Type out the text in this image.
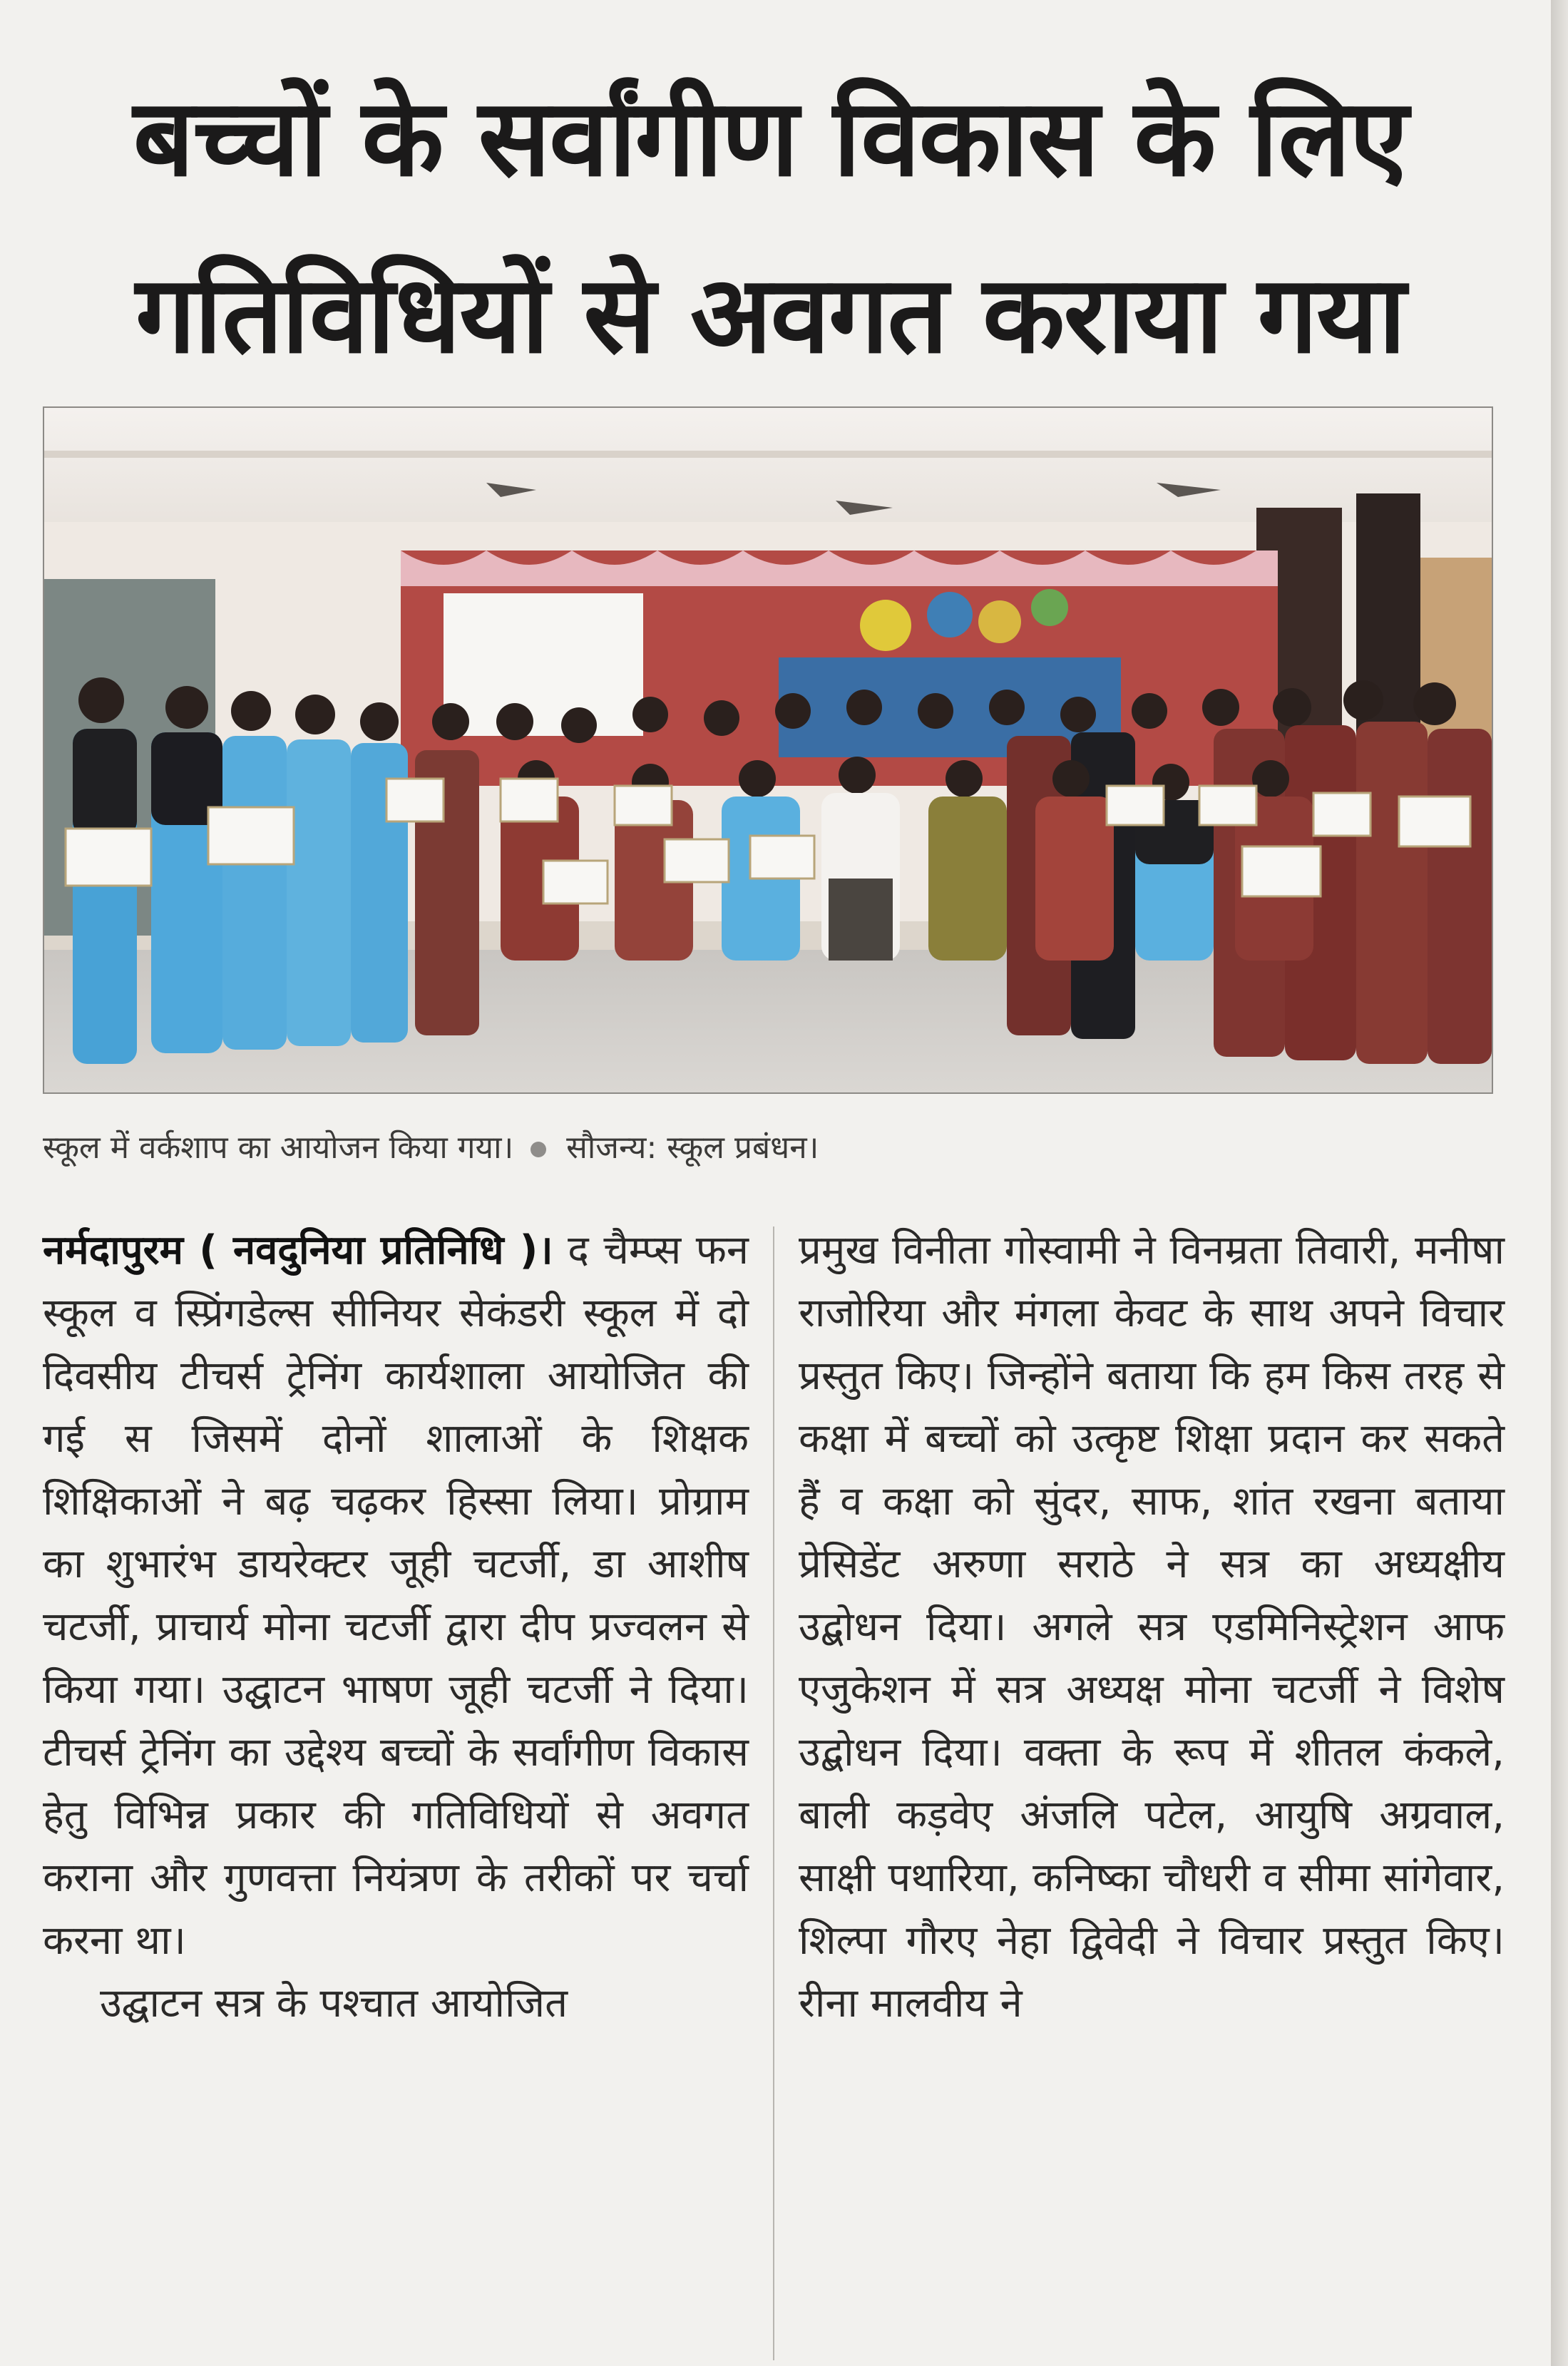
बच्चों के सर्वांगीण विकास के लिए
गतिविधियों से अवगत कराया गया
स्कूल में वर्कशाप का आयोजन किया गया। सौजन्य: स्कूल प्रबंधन।

नर्मदापुरम ( नवदुनिया प्रतिनिधि )। द चैम्प्स फन स्कूल व स्प्रिंगडेल्स सीनियर सेकंडरी स्कूल में दो दिवसीय टीचर्स ट्रेनिंग कार्यशाला आयोजित की गई स जिसमें दोनों शालाओं के शिक्षक शिक्षिकाओं ने बढ़ चढ़कर हिस्सा लिया। प्रोग्राम का शुभारंभ डायरेक्टर जूही चटर्जी, डा आशीष चटर्जी, प्राचार्य मोना चटर्जी द्वारा दीप प्रज्वलन से किया गया। उद्घाटन भाषण जूही चटर्जी ने दिया। टीचर्स ट्रेनिंग का उद्देश्य बच्चों के सर्वांगीण विकास हेतु विभिन्न प्रकार की गतिविधियों से अवगत कराना और गुणवत्ता नियंत्रण के तरीकों पर चर्चा करना था।

उद्घाटन सत्र के पश्चात आयोजित

प्रमुख विनीता गोस्वामी ने विनम्रता तिवारी, मनीषा राजोरिया और मंगला केवट के साथ अपने विचार प्रस्तुत किए। जिन्होंने बताया कि हम किस तरह से कक्षा में बच्चों को उत्कृष्ट शिक्षा प्रदान कर सकते हैं व कक्षा को सुंदर, साफ, शांत रखना बताया प्रेसिडेंट अरुणा सराठे ने सत्र का अध्यक्षीय उद्बोधन दिया। अगले सत्र एडमिनिस्ट्रेशन आफ एजुकेशन में सत्र अध्यक्ष मोना चटर्जी ने विशेष उद्बोधन दिया। वक्ता के रूप में शीतल कंकले, बाली कड़वेए अंजलि पटेल, आयुषि अग्रवाल, साक्षी पथारिया, कनिष्का चौधरी व सीमा सांगेवार, शिल्पा गौरए नेहा द्विवेदी ने विचार प्रस्तुत किए। रीना मालवीय ने
